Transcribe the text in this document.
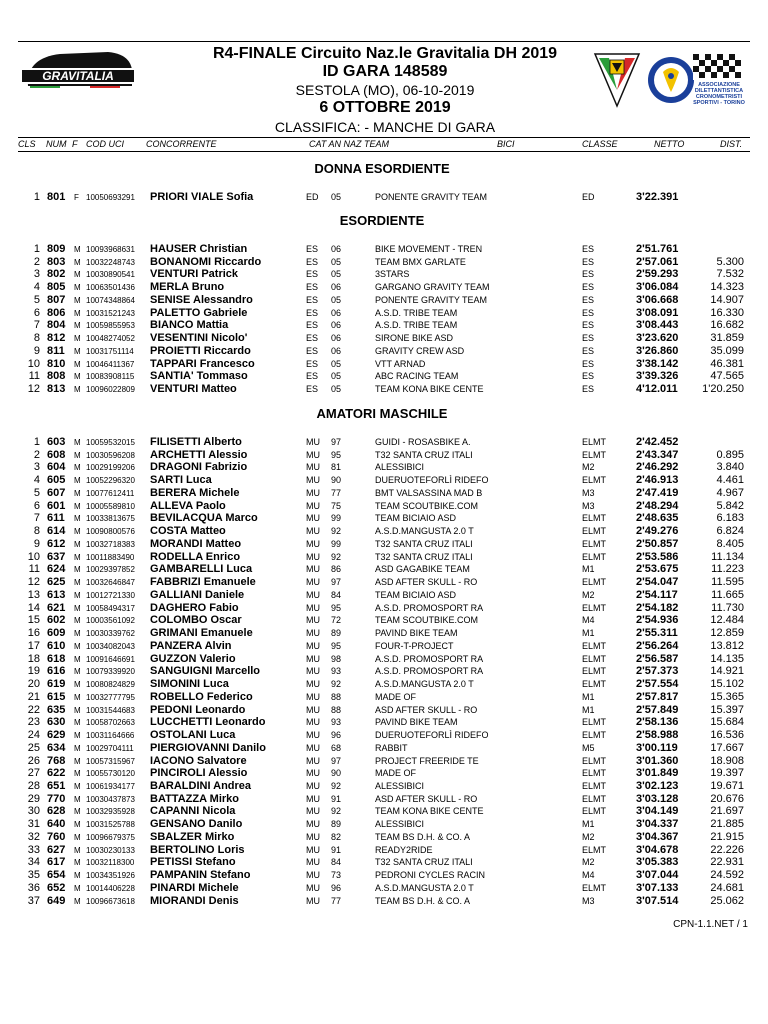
GRAVITALIA
R4-FINALE Circuito Naz.le Gravitalia DH 2019
ID GARA 148589
SESTOLA (MO), 06-10-2019
6 OTTOBRE 2019
CLASSIFICA: - MANCHE DI GARA
ASSOCIAZIONE DILETTANTISTICA CRONOMETRISTI SPORTIVI - TORINO
CLS NUM F COD UCI CONCORRENTE	CAT AN NAZ TEAM	BICI	CLASSE	NETTO	DIST.
DONNA ESORDIENTE
ESORDIENTE
AMATORI MASCHILE
1 801 F 10050693291 PRIORI VIALE Sofia	ED 05	PONENTE GRAVITY TEAM	ED	3'22.391
1 809 M 10093968631 HAUSER Christian	ES 06	BIKE MOVEMENT - TREN	ES	2'51.761
2 803 M 10032248743 BONANOMI Riccardo	ES 05	TEAM BMX GARLATE	ES	2'57.061	5.300
3 802 M 10030890541 VENTURI Patrick	ES 05	3STARS	ES	2'59.293	7.532
4 805 M 10063501436 MERLA Bruno	ES 06	GARGANO GRAVITY TEAM	ES	3'06.084	14.323
5 807 M 10074348864 SENISE Alessandro	ES 05	PONENTE GRAVITY TEAM	ES	3'06.668	14.907
6 806 M 10031521243 PALETTO Gabriele	ES 06	A.S.D. TRIBE TEAM	ES	3'08.091	16.330
7 804 M 10059855953 BIANCO Mattia	ES 06	A.S.D. TRIBE TEAM	ES	3'08.443	16.682
8 812 M 10048274052 VESENTINI Nicolo'	ES 06	SIRONE BIKE ASD	ES	3'23.620	31.859
9 811 M 10031751114 PROIETTI Riccardo	ES 06	GRAVITY CREW ASD	ES	3'26.860	35.099
10 810 M 10046411367 TAPPARI Francesco	ES 05	VTT ARNAD	ES	3'38.142	46.381
11 808 M 10083908115 SANTIA' Tommaso	ES 05	ABC RACING TEAM	ES	3'39.326	47.565
12 813 M 10096022809 VENTURI Matteo	ES 05	TEAM KONA BIKE CENTE	ES	4'12.011	1'20.250
1 603 M 10059532015 FILISETTI Alberto	MU 97	GUIDI - ROSASBIKE A.	ELMT	2'42.452
2 608 M 10030596208 ARCHETTI Alessio	MU 95	T32 SANTA CRUZ ITALI	ELMT	2'43.347	0.895
3 604 M 10029199206 DRAGONI Fabrizio	MU 81	ALESSIBICI	M2	2'46.292	3.840
4 605 M 10052296320 SARTI Luca	MU 90	DUERUOTEFORLÌ RIDEFO	ELMT	2'46.913	4.461
5 607 M 10077612411 BERERA Michele	MU 77	BMT VALSASSINA MAD B	M3	2'47.419	4.967
6 601 M 10005589810 ALLEVA Paolo	MU 75	TEAM SCOUTBIKE.COM	M3	2'48.294	5.842
7 611 M 10033813675 BEVILACQUA Marco	MU 99	TEAM BICIAIO ASD	ELMT	2'48.635	6.183
8 614 M 10090800576 COSTA Matteo	MU 92	A.S.D.MANGUSTA 2.0 T	ELMT	2'49.276	6.824
9 612 M 10032718383 MORANDI Matteo	MU 99	T32 SANTA CRUZ ITALI	ELMT	2'50.857	8.405
10 637 M 10011883490 RODELLA Enrico	MU 92	T32 SANTA CRUZ ITALI	ELMT	2'53.586	11.134
11 624 M 10029397852 GAMBARELLI Luca	MU 86	ASD GAGABIKE TEAM	M1	2'53.675	11.223
12 625 M 10032646847 FABBRIZI Emanuele	MU 97	ASD AFTER SKULL - RO	ELMT	2'54.047	11.595
13 613 M 10012721330 GALLIANI Daniele	MU 84	TEAM BICIAIO ASD	M2	2'54.117	11.665
14 621 M 10058494317 DAGHERO Fabio	MU 95	A.S.D. PROMOSPORT RA	ELMT	2'54.182	11.730
15 602 M 10003561092 COLOMBO Oscar	MU 72	TEAM SCOUTBIKE.COM	M4	2'54.936	12.484
16 609 M 10030339762 GRIMANI Emanuele	MU 89	PAVIND BIKE TEAM	M1	2'55.311	12.859
17 610 M 10034082043 PANZERA Alvin	MU 95	FOUR-T-PROJECT	ELMT	2'56.264	13.812
18 618 M 10091646691 GUZZON Valerio	MU 98	A.S.D. PROMOSPORT RA	ELMT	2'56.587	14.135
19 616 M 10079339920 SANGUIGNI Marcello	MU 93	A.S.D. PROMOSPORT RA	ELMT	2'57.373	14.921
20 619 M 10080824829 SIMONINI Luca	MU 92	A.S.D.MANGUSTA 2.0 T	ELMT	2'57.554	15.102
21 615 M 10032777795 ROBELLO Federico	MU 88	MADE OF	M1	2'57.817	15.365
22 635 M 10031544683 PEDONI Leonardo	MU 88	ASD AFTER SKULL - RO	M1	2'57.849	15.397
23 630 M 10058702663 LUCCHETTI Leonardo	MU 93	PAVIND BIKE TEAM	ELMT	2'58.136	15.684
24 629 M 10031164666 OSTOLANI Luca	MU 96	DUERUOTEFORLÌ RIDEFO	ELMT	2'58.988	16.536
25 634 M 10029704111 PIERGIOVANNI Danilo	MU 68	RABBIT	M5	3'00.119	17.667
26 768 M 10057315967 IACONO Salvatore	MU 97	PROJECT FREERIDE TE	ELMT	3'01.360	18.908
27 622 M 10055730120 PINCIROLI Alessio	MU 90	MADE OF	ELMT	3'01.849	19.397
28 651 M 10061934177 BARALDINI Andrea	MU 92	ALESSIBICI	ELMT	3'02.123	19.671
29 770 M 10030437873 BATTAZZA Mirko	MU 91	ASD AFTER SKULL - RO	ELMT	3'03.128	20.676
30 628 M 10032935928 CAPANNI Nicola	MU 92	TEAM KONA BIKE CENTE	ELMT	3'04.149	21.697
31 640 M 10031525788 GENSANO Danilo	MU 89	ALESSIBICI	M1	3'04.337	21.885
32 760 M 10096679375 SBALZER Mirko	MU 82	TEAM BS D.H. & CO. A	M2	3'04.367	21.915
33 627 M 10030230133 BERTOLINO Loris	MU 91	READY2RIDE	ELMT	3'04.678	22.226
34 617 M 10032118300 PETISSI Stefano	MU 84	T32 SANTA CRUZ ITALI	M2	3'05.383	22.931
35 654 M 10034351926 PAMPANIN Stefano	MU 73	PEDRONI CYCLES RACIN	M4	3'07.044	24.592
36 652 M 10014406228 PINARDI Michele	MU 96	A.S.D.MANGUSTA 2.0 T	ELMT	3'07.133	24.681
37 649 M 10096673618 MIORANDI Denis	MU 77	TEAM BS D.H. & CO. A	M3	3'07.514	25.062
CPN-1.1.NET / 1
